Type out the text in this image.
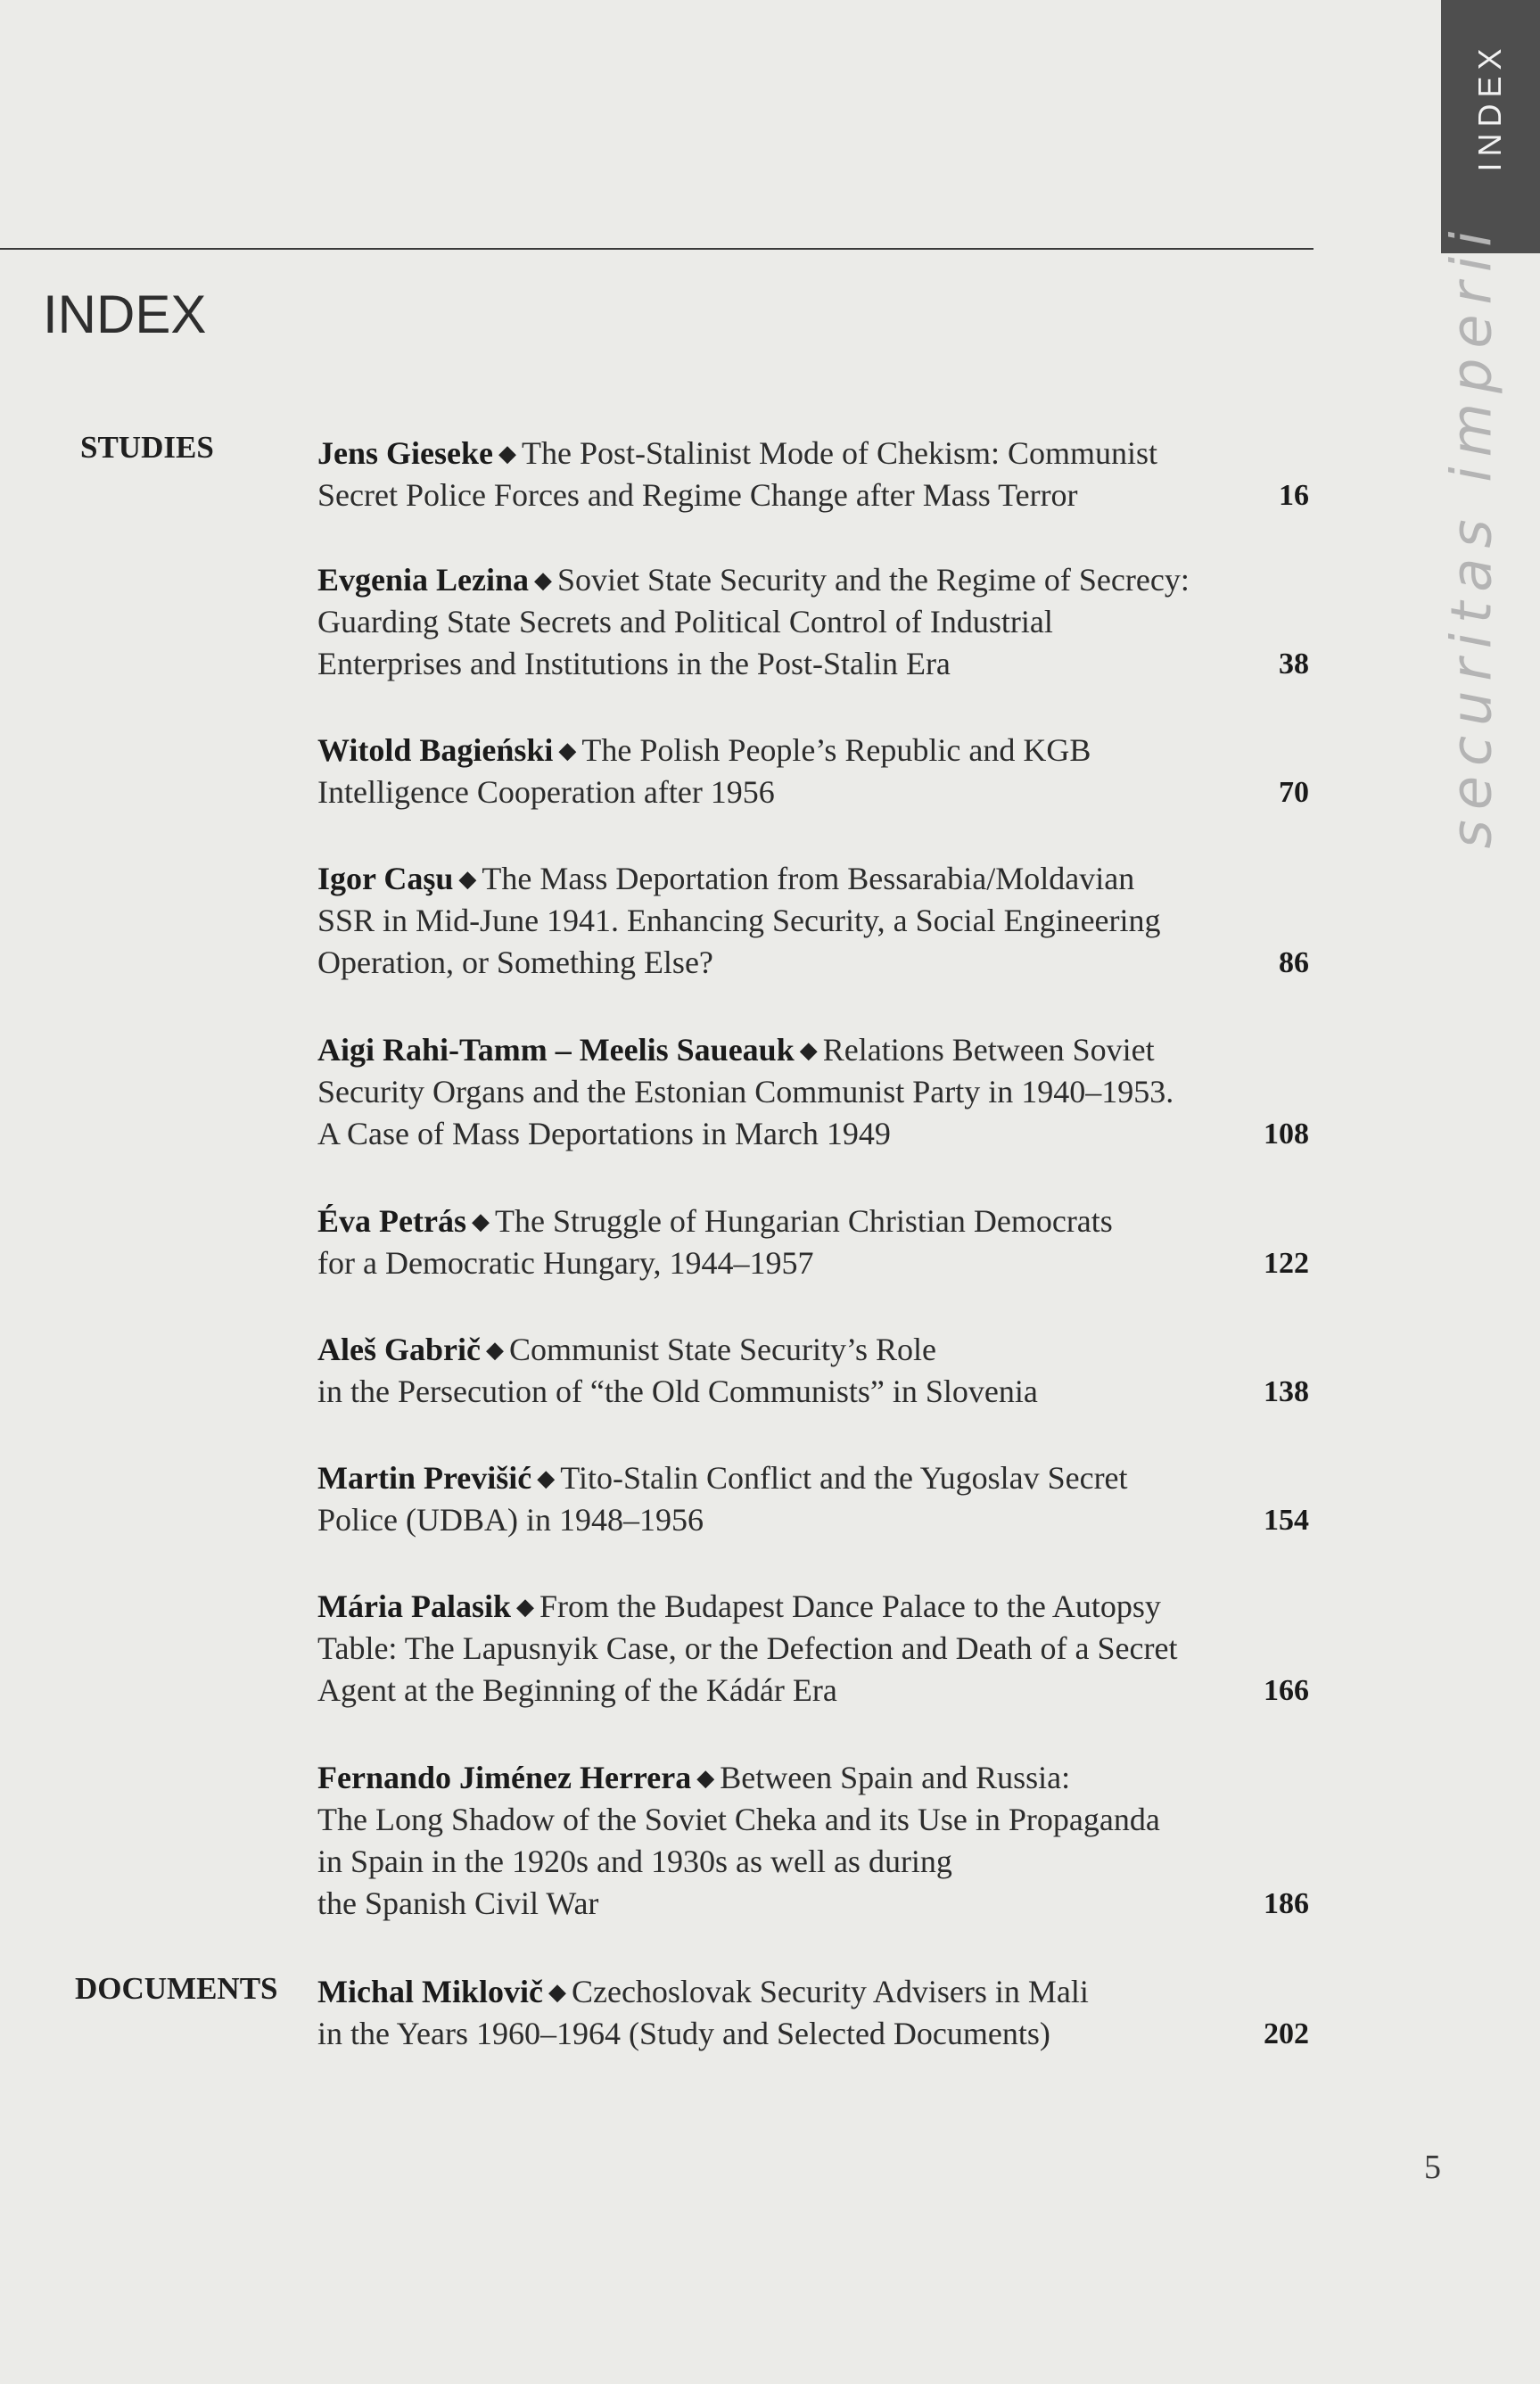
INDEX
securitas imperii
INDEX
STUDIES
DOCUMENTS
Jens Gieseke ◆ The Post-Stalinist Mode of Chekism: Communist
Secret Police Forces and Regime Change after Mass Terror	16
Evgenia Lezina ◆ Soviet State Security and the Regime of Secrecy:
Guarding State Secrets and Political Control of Industrial
Enterprises and Institutions in the Post-Stalin Era	38
Witold Bagieński ◆ The Polish People’s Republic and KGB
Intelligence Cooperation after 1956	70
Igor Caşu ◆ The Mass Deportation from Bessarabia/Moldavian
SSR in Mid-June 1941. Enhancing Security, a Social Engineering
Operation, or Something Else?	86
Aigi Rahi-Tamm – Meelis Saueauk ◆ Relations Between Soviet
Security Organs and the Estonian Communist Party in 1940–1953.
A Case of Mass Deportations in March 1949	108
Éva Petrás ◆ The Struggle of Hungarian Christian Democrats
for a Democratic Hungary, 1944–1957	122
Aleš Gabrič ◆ Communist State Security’s Role
in the Persecution of “the Old Communists” in Slovenia	138
Martin Previšić ◆ Tito-Stalin Conflict and the Yugoslav Secret
Police (UDBA) in 1948–1956	154
Mária Palasik ◆ From the Budapest Dance Palace to the Autopsy
Table: The Lapusnyik Case, or the Defection and Death of a Secret
Agent at the Beginning of the Kádár Era	166
Fernando Jiménez Herrera ◆ Between Spain and Russia:
The Long Shadow of the Soviet Cheka and its Use in Propaganda
in Spain in the 1920s and 1930s as well as during
the Spanish Civil War	186
Michal Miklovič ◆ Czechoslovak Security Advisers in Mali
in the Years 1960–1964 (Study and Selected Documents)	202
5
